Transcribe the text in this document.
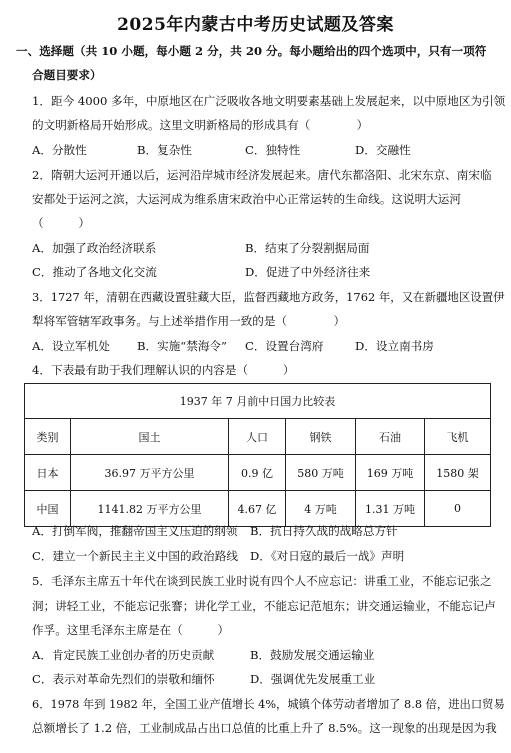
2025年内蒙古中考历史试题及答案
一、选择题（共 10 小题，每小题 2 分，共 20 分。每小题给出的四个选项中，只有一项符
合题目要求）
1．距今 4000 多年，中原地区在广泛吸收各地文明要素基础上发展起来，以中原地区为引领
的文明新格局开始形成。这里文明新格局的形成具有（　　　　）
A．分散性	B．复杂性	C．独特性	D．交融性
2．隋朝大运河开通以后，运河沿岸城市经济发展起来。唐代东都洛阳、北宋东京、南宋临
安都处于运河之滨，大运河成为维系唐宋政治中心正常运转的生命线。这说明大运河
（　　　）
A．加强了政治经济联系	B．结束了分裂割据局面
C．推动了各地文化交流	D．促进了中外经济往来
3．1727 年，清朝在西藏设置驻藏大臣，监督西藏地方政务，1762 年，又在新疆地区设置伊
犁将军管辖军政事务。与上述举措作用一致的是（　　　　）
A．设立军机处 B．实施“禁海令” C．设置台湾府	D．设立南书房
4．下表最有助于我们理解认识的内容是（　　　）
1937 年 7 月前中日国力比较表					
类别	国土	人口	钢铁	石油	飞机
日本	36.97 万平方公里	0.9 亿	580 万吨	169 万吨	1580 架
中国	1141.82 万平方公里	4.67 亿	4 万吨	1.31 万吨	0
A．打倒军阀，推翻帝国主义压迫的纲领 B．抗日持久战的战略总方针
C．建立一个新民主主义中国的政治路线 D．《对日寇的最后一战》声明
5．毛泽东主席五十年代在谈到民族工业时说有四个人不应忘记：讲重工业，不能忘记张之
洞；讲轻工业，不能忘记张謇；讲化学工业，不能忘记范旭东；讲交通运输业，不能忘记卢
作孚。这里毛泽东主席是在（　　　）
A．肯定民族工业创办者的历史贡献	B．鼓励发展交通运输业
C．表示对革命先烈们的崇敬和缅怀	D．强调优先发展重工业
6．1978 年到 1982 年，全国工业产值增长 4%，城镇个体劳动者增加了 8.8 倍，进出口贸易
总额增长了 1.2 倍，工业制成品占出口总值的比重上升了 8.5%。这一现象的出现是因为我
